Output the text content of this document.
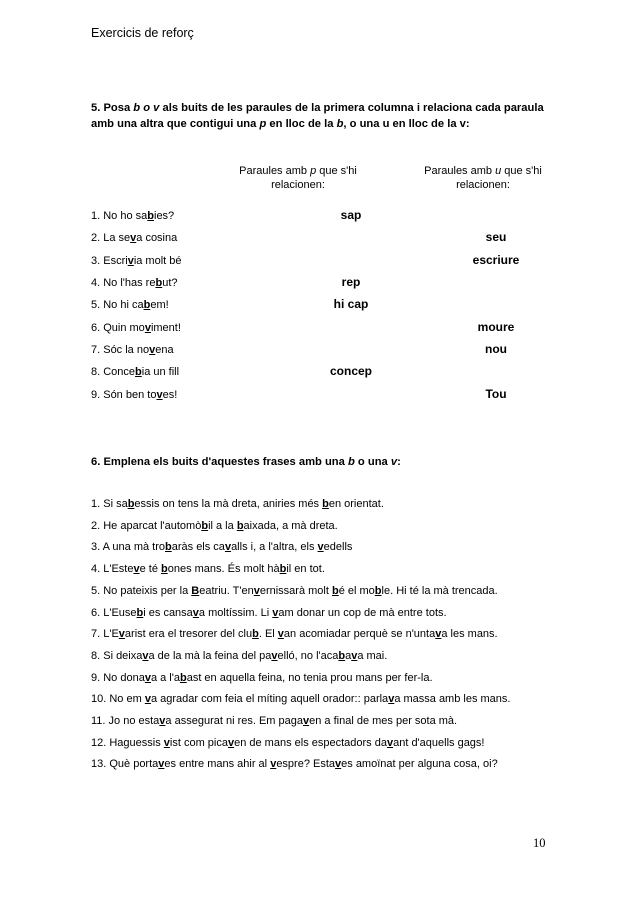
Exercicis de reforç
5. Posa b o v als buits de les paraules de la primera columna i relaciona cada paraula amb una altra que contigui una p en lloc de la b, o una u en lloc de la v:
Paraules amb p que s'hi relacionen:
Paraules amb u que s'hi relacionen:
1. No ho sabies?	sap
2. La seva cosina	seu
3. Escrivia molt bé	escriure
4. No l'has rebut?	rep
5. No hi cabem!	hi cap
6. Quin moviment!	moure
7. Sóc la novena	nou
8. Concebia un fill	concep
9. Són ben toves!	Tou
6. Emplena els buits d'aquestes frases amb una b o una v:
1. Si sabessis on tens la mà dreta, aniries més ben orientat.
2. He aparcat l'automòbil a la baixada, a mà dreta.
3. A una mà trobaràs els cavalls i, a l'altra, els vedells
4. L'Esteve té bones mans. És molt hàbil en tot.
5. No pateixis per la Beatriu. T'envernissarà molt bé el moble. Hi té la mà trencada.
6. L'Eusebi es cansava moltíssim. Li vam donar un cop de mà entre tots.
7. L'Evarist era el tresorer del club. El van acomiadar perquè se n'untava les mans.
8. Si deixava de la mà la feina del pavelló, no l'acabava mai.
9. No donava a l'abast en aquella feina, no tenia prou mans per fer-la.
10. No em va agradar com feia el míting aquell orador:: parlava massa amb les mans.
11. Jo no estava assegurat ni res. Em pagaven a final de mes per sota mà.
12. Haguessis vist com picaven de mans els espectadors davant d'aquells gags!
13. Què portaves entre mans ahir al vespre? Estaves amoïnat per alguna cosa, oi?
10
